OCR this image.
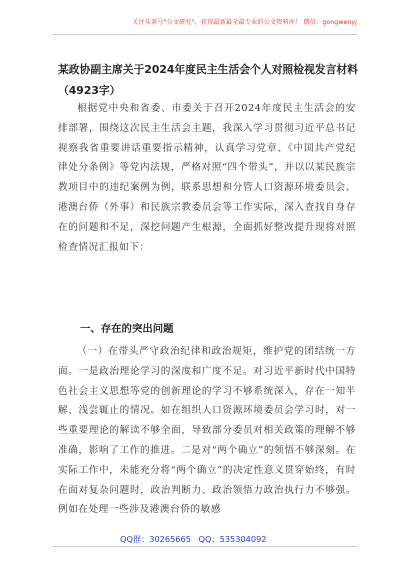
关注头条号"公文研究"，获得最新最全最专业的公文资料库！ 微信：gongwenyj
某政协副主席关于2024年度民主生活会个人对照检视发言材料（4923字）

根据党中央和省委、市委关于召开2024年度民主生活会的安排部署，围绕这次民主生活会主题，我深入学习贯彻习近平总书记视察我省重要讲话重要指示精神，认真学习党章、《中国共产党纪律处分条例》等党内法规，严格对照“四个带头”，并以以某民族宗教项目中的违纪案例为例，联系思想和分管人口资源环境委员会、港澳台侨（外事）和民族宗教委员会等工作实际，深入查找自身存在的问题和不足，深挖问题产生根源，全面抓好整改提升现将对照检查情况汇报如下：

一、存在的突出问题

（一）在带头严守政治纪律和政治规矩，维护党的团结统一方面。一是政治理论学习的深度和广度不足。对习近平新时代中国特色社会主义思想等党的创新理论的学习不够系统深入，存在一知半解、浅尝辄止的情况。如在组织人口资源环境委员会学习时，对一些重要理论的解读不够全面，导致部分委员对相关政策的理解不够准确，影响了工作的推进。二是对“两个确立”的领悟不够深刻。在实际工作中，未能充分将“两个确立”的决定性意义贯穿始终，有时在面对复杂问题时，政治判断力、政治领悟力政治执行力不够强。例如在处理一些涉及港澳台侨的敏感

QQ群：30265665 QQ：535304092
